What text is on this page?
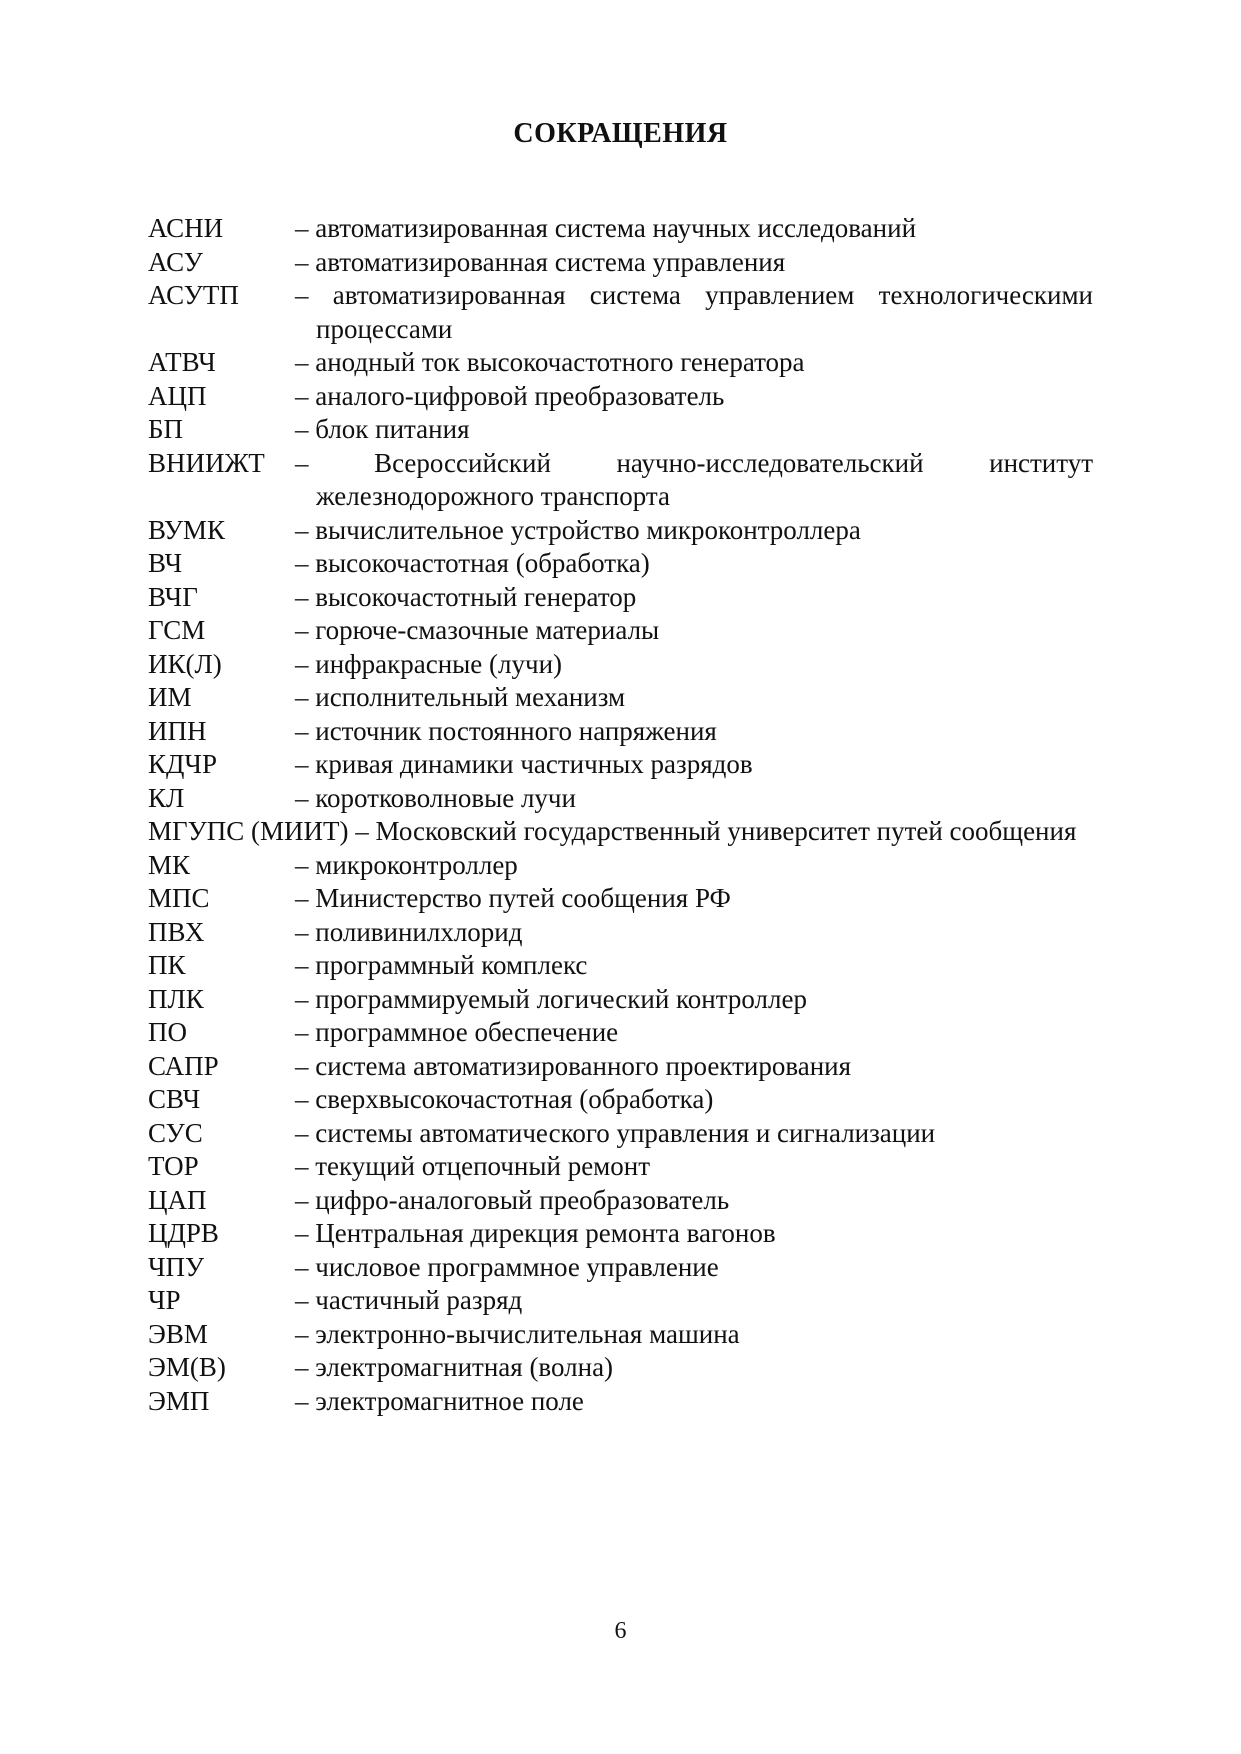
СОКРАЩЕНИЯ
АСНИ	– автоматизированная система научных исследований
АСУ	– автоматизированная система управления
АСУТП	– автоматизированная система управлением технологическими процессами
АТВЧ	– анодный ток высокочастотного генератора
АЦП	– аналого-цифровой преобразователь
БП	– блок питания
ВНИИЖТ	– Всероссийский научно-исследовательский институт железнодорожного транспорта
ВУМК	– вычислительное устройство микроконтроллера
ВЧ	– высокочастотная (обработка)
ВЧГ	– высокочастотный генератор
ГСМ	– горюче-смазочные материалы
ИК(Л)	– инфракрасные (лучи)
ИМ	– исполнительный механизм
ИПН	– источник постоянного напряжения
КДЧР	– кривая динамики частичных разрядов
КЛ	– коротковолновые лучи
МГУПС (МИИТ) – Московский государственный университет путей сообщения
МК	– микроконтроллер
МПС	– Министерство путей сообщения РФ
ПВХ	– поливинилхлорид
ПК	– программный комплекс
ПЛК	– программируемый логический контроллер
ПО	– программное обеспечение
САПР	– система автоматизированного проектирования
СВЧ	– сверхвысокочастотная (обработка)
СУС	– системы автоматического управления и сигнализации
ТОР	– текущий отцепочный ремонт
ЦАП	– цифро-аналоговый преобразователь
ЦДРВ	– Центральная дирекция ремонта вагонов
ЧПУ	– числовое программное управление
ЧР	– частичный разряд
ЭВМ	– электронно-вычислительная машина
ЭМ(В)	– электромагнитная (волна)
ЭМП	– электромагнитное поле
6
